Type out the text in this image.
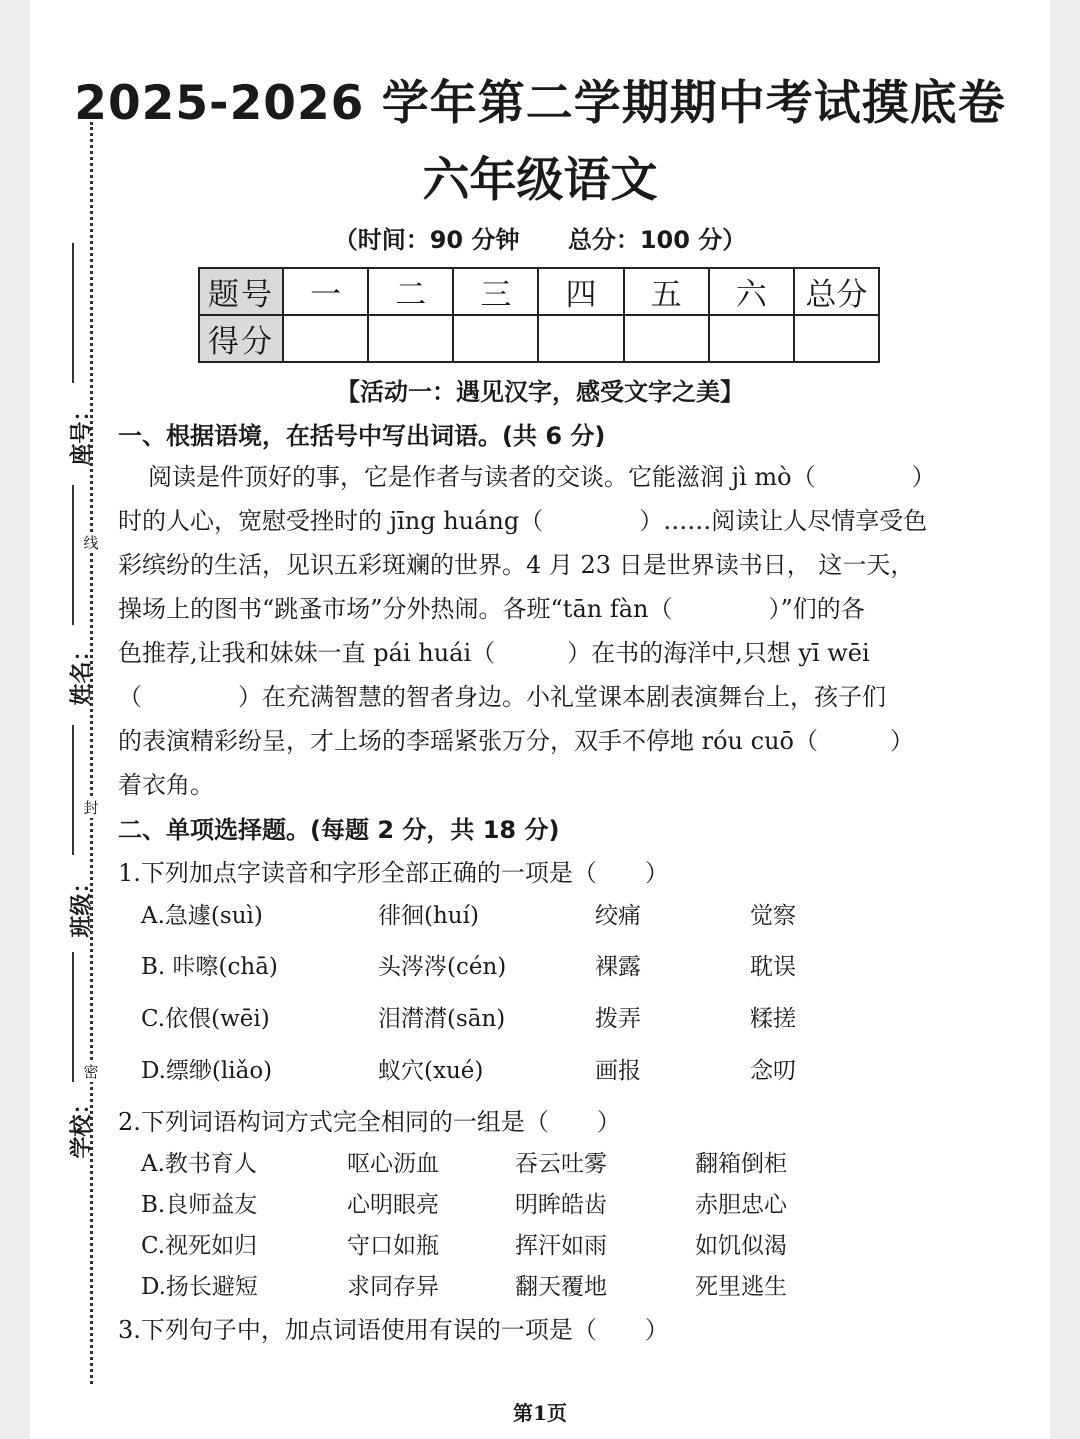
线
封
密
座号：
姓名：
班级：
学校：
2025-2026 学年第二学期期中考试摸底卷
六年级语文
（时间：90 分钟 总分：100 分）
题号	一	二	三	四	五	六	总分
得分							
【活动一：遇见汉字，感受文字之美】
一、根据语境，在括号中写出词语。(共 6 分)
阅读是件顶好的事，它是作者与读者的交谈。它能滋润 jì mò（　　　　）
时的人心，宽慰受挫时的 jīng huáng（　　　　）……阅读让人尽情享受色
彩缤纷的生活，见识五彩斑斓的世界。4 月 23 日是世界读书日， 这一天，
操场上的图书“跳蚤市场”分外热闹。各班“tān fàn（　　　　）”们的各
色推荐,让我和妹妹一直 pái huái（　　　）在书的海洋中,只想 yī wēi
（　　　　）在充满智慧的智者身边。小礼堂课本剧表演舞台上，孩子们
的表演精彩纷呈，才上场的李瑶紧张万分，双手不停地 róu cuō（　　　）
着衣角。
二、单项选择题。(每题 2 分，共 18 分)
1.下列加点字读音和字形全部正确的一项是（　　）
A.急遽(suì)	徘徊(huí)	绞痛	觉察
B. 咔嚓(chā)	头涔涔(cén)	裸露	耽误
C.依偎(wēi)	泪潸潸(sān)	拨弄	糅搓
D.缥缈(liǎo)	蚁穴(xué)	画报	念叨
2.下列词语构词方式完全相同的一组是（　　）
A.教书育人	呕心沥血	吞云吐雾	翻箱倒柜
B.良师益友	心明眼亮	明眸皓齿	赤胆忠心
C.视死如归	守口如瓶	挥汗如雨	如饥似渴
D.扬长避短	求同存异	翻天覆地	死里逃生
3.下列句子中，加点词语使用有误的一项是（　　）
第1页
